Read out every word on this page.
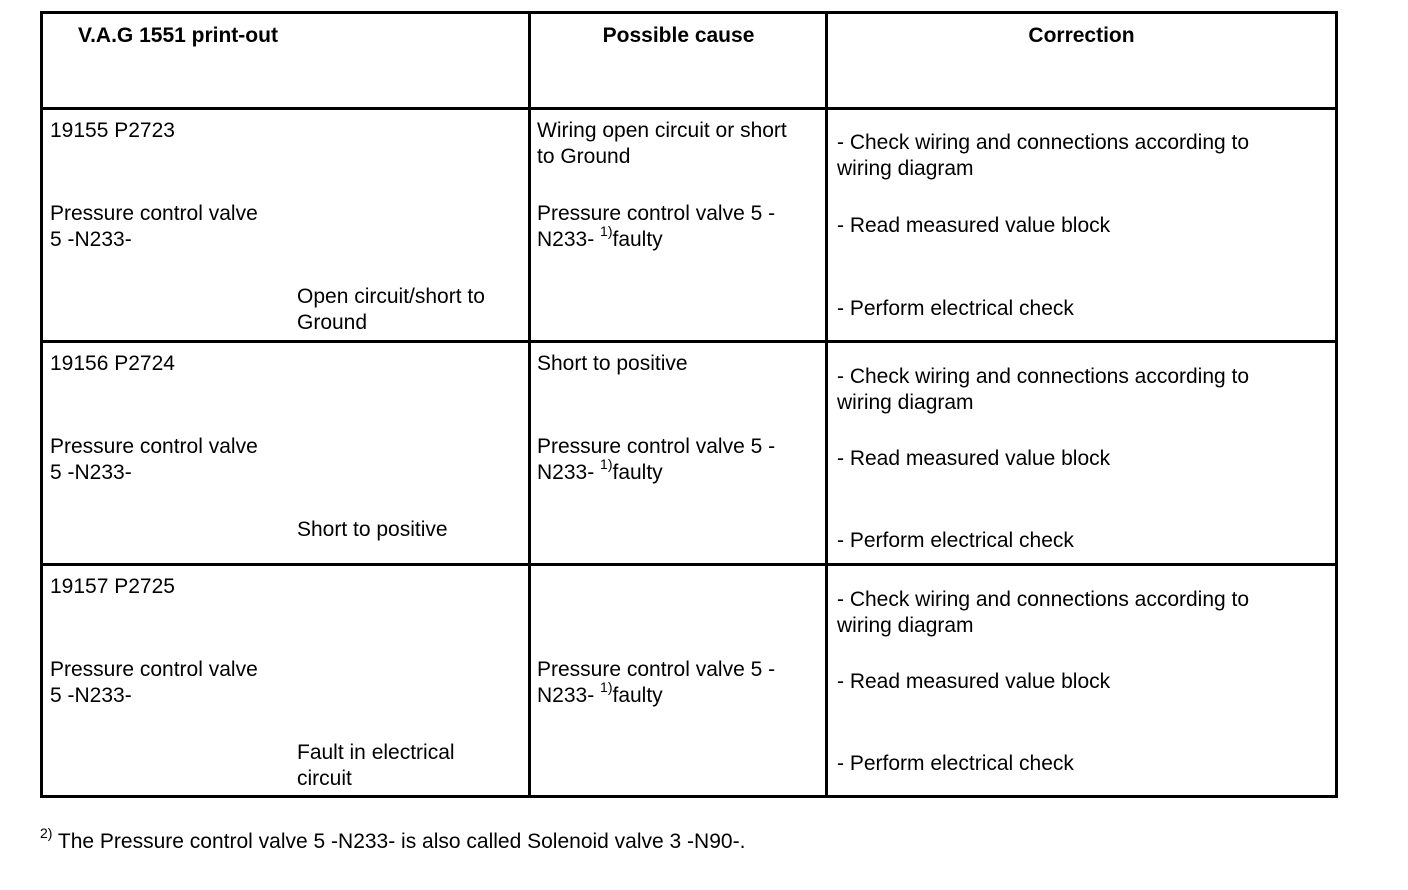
V.A.G 1551 print-out	Possible cause	Correction
19155 P2723
Pressure control valve
5 -N233-
Open circuit/short to
Ground
Wiring open circuit or short
to Ground
Pressure control valve 5 -
N233- $^{1)}$faulty
- Check wiring and connections according to
wiring diagram
- Read measured value block
- Perform electrical check
19156 P2724
Pressure control valve
5 -N233-
Short to positive
Short to positive
Pressure control valve 5 -
N233- $^{1)}$faulty
- Check wiring and connections according to
wiring diagram
- Read measured value block
- Perform electrical check
19157 P2725
Pressure control valve
5 -N233-
Fault in electrical
circuit
Pressure control valve 5 -
N233- $^{1)}$faulty
- Check wiring and connections according to
wiring diagram
- Read measured value block
- Perform electrical check
$^{2)}$ The Pressure control valve 5 -N233- is also called Solenoid valve 3 -N90-.
